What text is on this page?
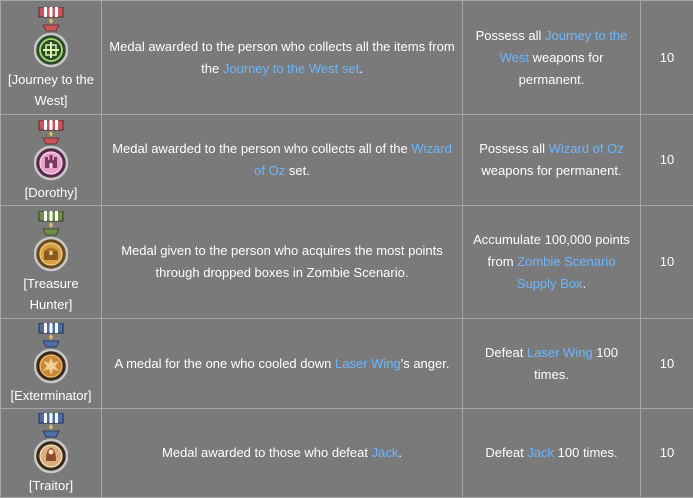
[Journey to the
West]	Medal awarded to the person who collects all the items from the Journey to the West set.	Possess all Journey to the West weapons for permanent.	10

[Dorothy]	Medal awarded to the person who collects all of the Wizard of Oz set.	Possess all Wizard of Oz weapons for permanent.	10

[Treasure
Hunter]	Medal given to the person who acquires the most points through dropped boxes in Zombie Scenario.	Accumulate 100,000 points from Zombie Scenario Supply Box.	10

[Exterminator]	A medal for the one who cooled down Laser Wing's anger.	Defeat Laser Wing 100 times.	10

[Traitor]	Medal awarded to those who defeat Jack.	Defeat Jack 100 times.	10
